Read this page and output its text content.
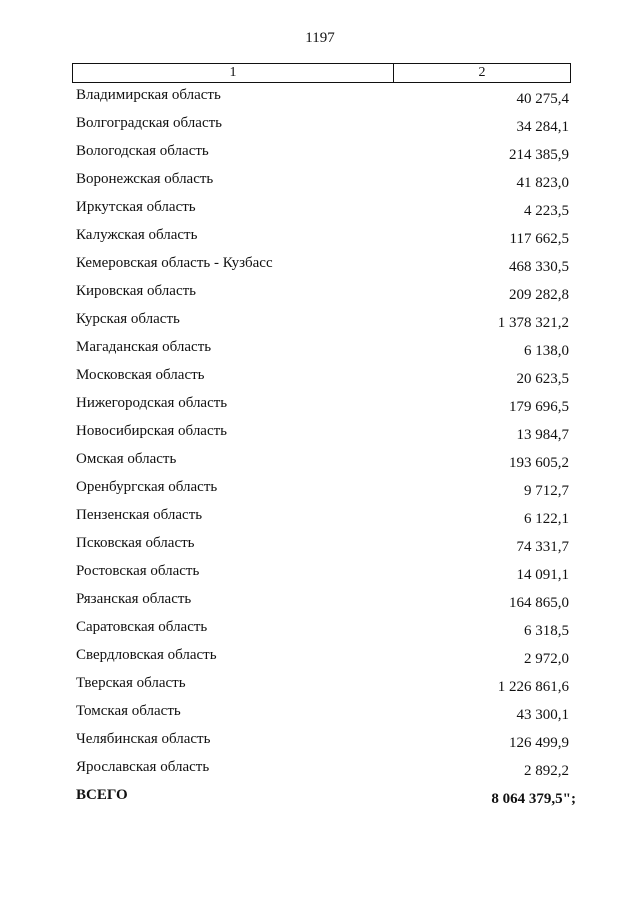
1197
1	2
Владимирская область	40 275,4
Волгоградская область	34 284,1
Вологодская область	214 385,9
Воронежская область	41 823,0
Иркутская область	4 223,5
Калужская область	117 662,5
Кемеровская область - Кузбасс	468 330,5
Кировская область	209 282,8
Курская область	1 378 321,2
Магаданская область	6 138,0
Московская область	20 623,5
Нижегородская область	179 696,5
Новосибирская область	13 984,7
Омская область	193 605,2
Оренбургская область	9 712,7
Пензенская область	6 122,1
Псковская область	74 331,7
Ростовская область	14 091,1
Рязанская область	164 865,0
Саратовская область	6 318,5
Свердловская область	2 972,0
Тверская область	1 226 861,6
Томская область	43 300,1
Челябинская область	126 499,9
Ярославская область	2 892,2
ВСЕГО	8 064 379,5";
